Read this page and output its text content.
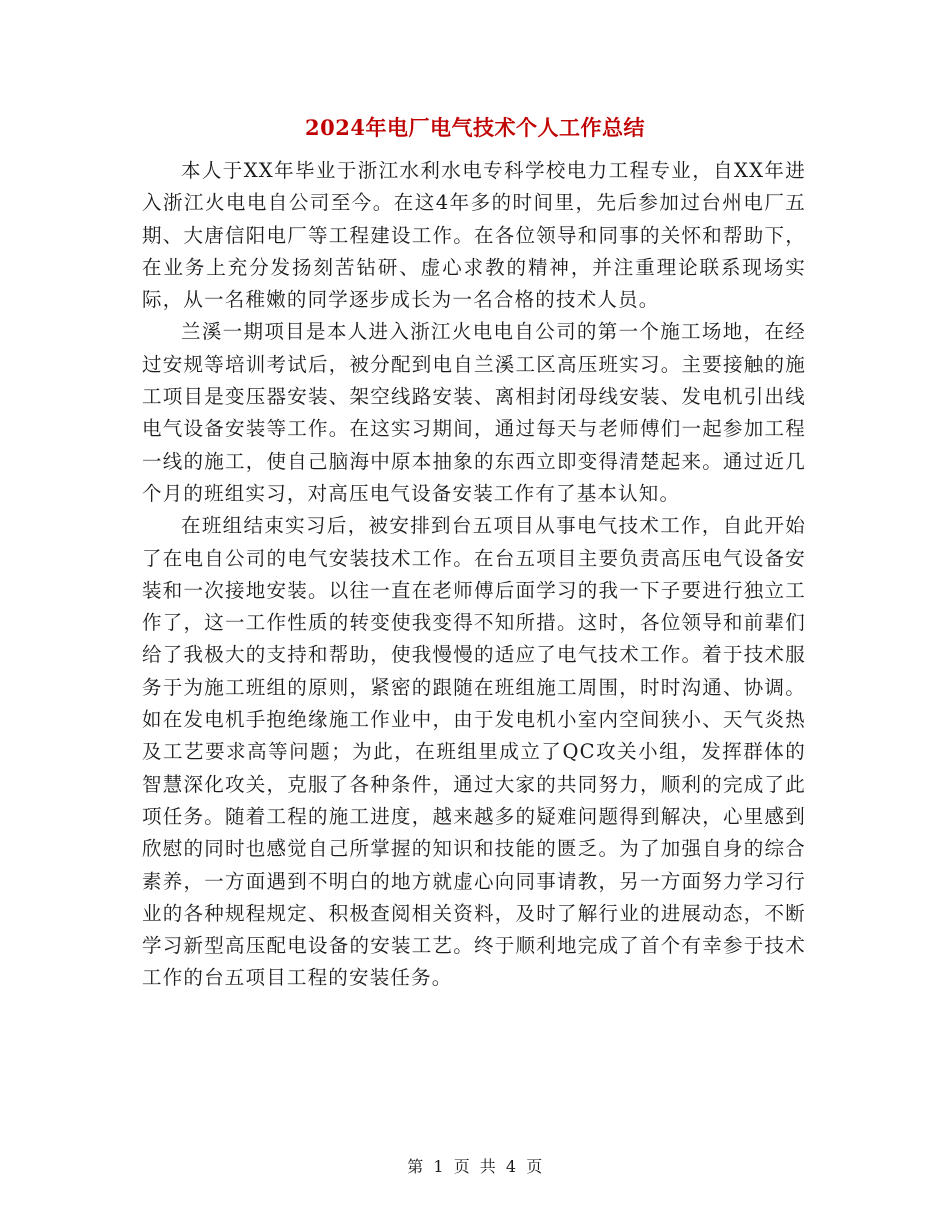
2024年电厂电气技术个人工作总结

本人于XX年毕业于浙江水利水电专科学校电力工程专业，自XX年进入浙江火电电自公司至今。在这4年多的时间里，先后参加过台州电厂五期、大唐信阳电厂等工程建设工作。在各位领导和同事的关怀和帮助下，在业务上充分发扬刻苦钻研、虚心求教的精神，并注重理论联系现场实际，从一名稚嫩的同学逐步成长为一名合格的技术人员。

兰溪一期项目是本人进入浙江火电电自公司的第一个施工场地，在经过安规等培训考试后，被分配到电自兰溪工区高压班实习。主要接触的施工项目是变压器安装、架空线路安装、离相封闭母线安装、发电机引出线电气设备安装等工作。在这实习期间，通过每天与老师傅们一起参加工程一线的施工，使自己脑海中原本抽象的东西立即变得清楚起来。通过近几个月的班组实习，对高压电气设备安装工作有了基本认知。

在班组结束实习后，被安排到台五项目从事电气技术工作，自此开始了在电自公司的电气安装技术工作。在台五项目主要负责高压电气设备安装和一次接地安装。以往一直在老师傅后面学习的我一下子要进行独立工作了，这一工作性质的转变使我变得不知所措。这时，各位领导和前辈们给了我极大的支持和帮助，使我慢慢的适应了电气技术工作。着于技术服务于为施工班组的原则，紧密的跟随在班组施工周围，时时沟通、协调。如在发电机手抱绝缘施工作业中，由于发电机小室内空间狭小、天气炎热及工艺要求高等问题；为此，在班组里成立了QC攻关小组，发挥群体的智慧深化攻关，克服了各种条件，通过大家的共同努力，顺利的完成了此项任务。随着工程的施工进度，越来越多的疑难问题得到解决，心里感到欣慰的同时也感觉自己所掌握的知识和技能的匮乏。为了加强自身的综合素养，一方面遇到不明白的地方就虚心向同事请教，另一方面努力学习行业的各种规程规定、积极查阅相关资料，及时了解行业的进展动态，不断学习新型高压配电设备的安装工艺。终于顺利地完成了首个有幸参于技术工作的台五项目工程的安装任务。

第 1 页 共 4 页
